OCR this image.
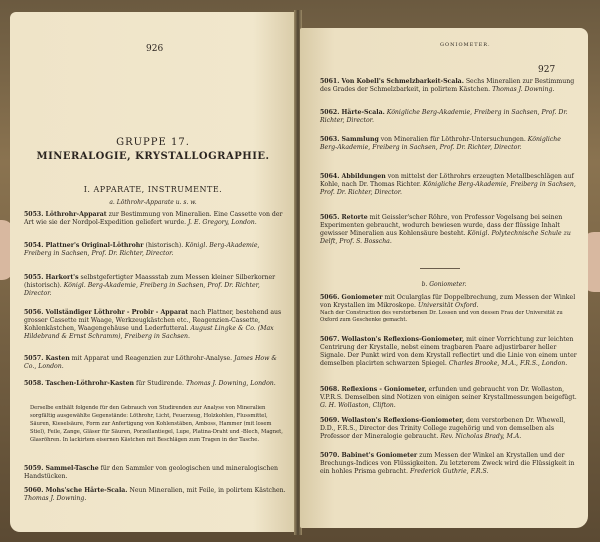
926
GRUPPE 17.
MINERALOGIE, KRYSTALLOGRAPHIE.
I. APPARATE, INSTRUMENTE.
a. Löthrohr-Apparate u. s. w.
5053. Löthrohr-Apparat zur Bestimmung von Mineralien. Eine Cassette von der Art wie sie der Nordpol-Expedition geliefert wurde. J. E. Gregory, London.
5054. Plattner's Original-Löthrohr (historisch). Königl. Berg-Akademie, Freiberg in Sachsen, Prof. Dr. Richter, Director.
5055. Harkort's selbstgefertigter Maassstab zum Messen kleiner Silberkorner (historisch). Königl. Berg-Akademie, Freiberg in Sachsen, Prof. Dr. Richter, Director.
5056. Vollständiger Löthrohr - Probir - Apparat nach Plattner, bestehend aus grosser Cassette mit Waage, Werkzeugkästchen etc., Reagenzien-Cassette, Kohlenkästchen, Waagengehäuse und Lederfutteral. August Lingke & Co. (Max Hildebrand & Ernst Schramm), Freiberg in Sachsen.
5057. Kasten mit Apparat und Reagenzien zur Löthrohr-Analyse. James How & Co., London.
5058. Taschen-Löthrohr-Kasten für Studirende. Thomas J. Downing, London.
Derselbe enthält folgende für den Gebrauch von Studirenden zur Analyse von Mineralien sorgfältig ausgewählte Gegenstände: Löthrohr, Licht, Feuerzeug, Holzkohlen, Flussmittel, Säuren, Kieselsäure, Form zur Anfertigung von Kohlenstäben, Amboss, Hammer (mit losem Stiel), Feile, Zange, Gläser für Säuren, Porzellantiegel, Lupe, Platina-Draht und -Blech, Magnet, Glasröhren. In lackirtem eisernen Kästchen mit Beschlägen zum Tragen in der Tasche.
5059. Sammel-Tasche für den Sammler von geologischen und mineralogischen Handstücken.
5060. Mohs'sche Härte-Scala. Neun Mineralien, mit Feile, in polirtem Kästchen. Thomas J. Downing.
GONIOMETER.
927
5061. Von Kobell's Schmelzbarkeit-Scala. Sechs Mineralien zur Bestimmung des Grades der Schmelzbarkeit, in polirtem Kästchen. Thomas J. Downing.
5062. Härte-Scala. Königliche Berg-Akademie, Freiberg in Sachsen, Prof. Dr. Richter, Director.
5063. Sammlung von Mineralien für Löthrohr-Untersuchungen. Königliche Berg-Akademie, Freiberg in Sachsen, Prof. Dr. Richter, Director.
5064. Abbildungen von mittelst der Löthrohrs erzeugten Metallbeschlägen auf Kohle, nach Dr. Thomas Richter. Königliche Berg-Akademie, Freiberg in Sachsen, Prof. Dr. Richter, Director.
5065. Retorte mit Geissler'scher Röhre, von Professor Vogelsang bei seinen Experimenten gebraucht, wodurch bewiesen wurde, dass der flüssige Inhalt gewisser Mineralien aus Kohlensäure besteht. Königl. Polytechnische Schule zu Delft, Prof. S. Bosscha.
b. Goniometer.
5066. Goniometer mit Ocularglas für Doppelbrechung, zum Messen der Winkel von Krystallen im Mikroskope. Universität Oxford.
Nach der Construction des verstorbenen Dr. Lossen und von dessen Frau der Universität zu Oxford zum Geschenke gemacht.
5067. Wollaston's Reflexions-Goniometer, mit einer Vorrichtung zur leichten Centrirung der Krystalle, nebst einem tragbaren Paare adjustirbarer heller Signale. Der Punkt wird von dem Krystall reflectirt und die Linie von einem unter demselben placirten schwarzen Spiegel. Charles Brooke, M.A., F.R.S., London.
5068. Reflexions - Goniometer, erfunden und gebraucht von Dr. Wollaston, V.P.R.S. Demselben sind Notizen von einigen seiner Krystallmessungen beigefügt. G. H. Wollaston, Clifton.
5069. Wollaston's Reflexions-Goniometer, dem verstorbenen Dr. Whewell, D.D., F.R.S., Director des Trinity College zugehörig und von demselben als Professor der Mineralogie gebraucht. Rev. Nicholas Brady, M.A.
5070. Babinet's Goniometer zum Messen der Winkel an Krystallen und der Brechungs-Indices von Flüssigkeiten. Zu letzterem Zweck wird die Flüssigkeit in ein hohles Prisma gebracht. Frederick Guthrie, F.R.S.
